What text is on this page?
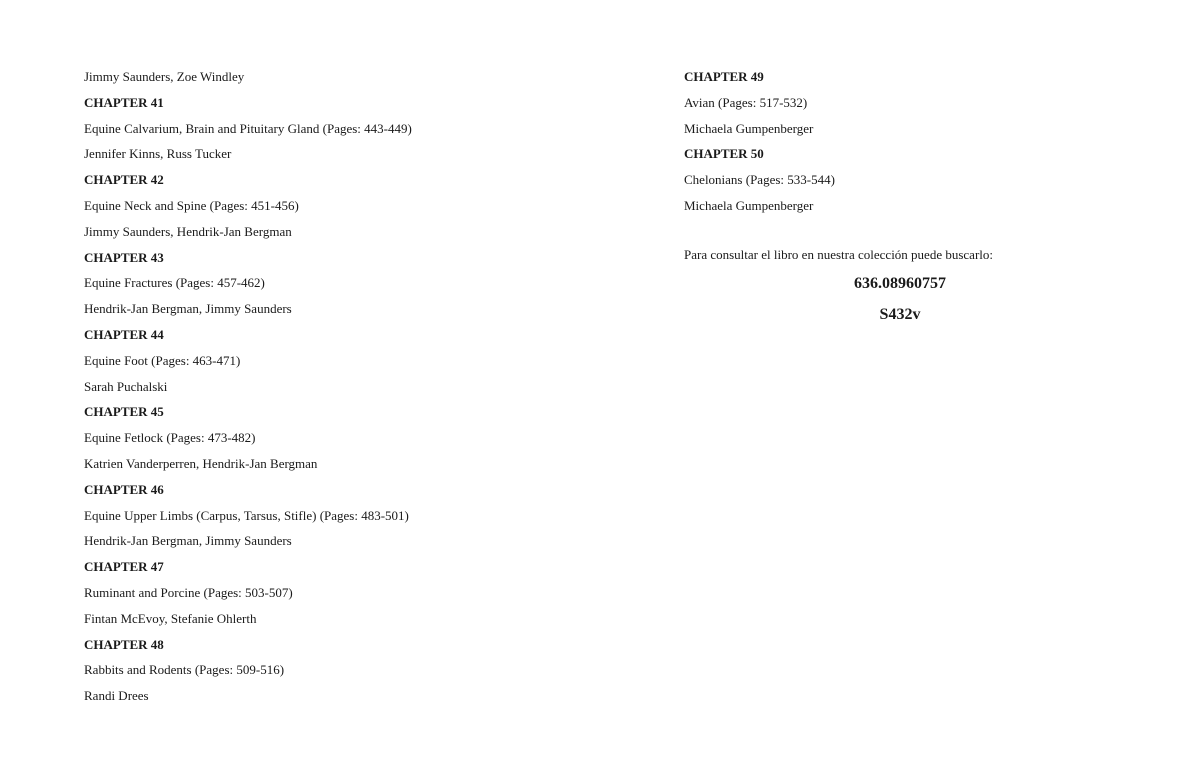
Jimmy Saunders, Zoe Windley
CHAPTER 41
Equine Calvarium, Brain and Pituitary Gland (Pages: 443-449)
Jennifer Kinns, Russ Tucker
CHAPTER 42
Equine Neck and Spine (Pages: 451-456)
Jimmy Saunders, Hendrik-Jan Bergman
CHAPTER 43
Equine Fractures (Pages: 457-462)
Hendrik-Jan Bergman, Jimmy Saunders
CHAPTER 44
Equine Foot (Pages: 463-471)
Sarah Puchalski
CHAPTER 45
Equine Fetlock (Pages: 473-482)
Katrien Vanderperren, Hendrik-Jan Bergman
CHAPTER 46
Equine Upper Limbs (Carpus, Tarsus, Stifle) (Pages: 483-501)
Hendrik-Jan Bergman, Jimmy Saunders
CHAPTER 47
Ruminant and Porcine (Pages: 503-507)
Fintan McEvoy, Stefanie Ohlerth
CHAPTER 48
Rabbits and Rodents (Pages: 509-516)
Randi Drees
CHAPTER 49
Avian (Pages: 517-532)
Michaela Gumpenberger
CHAPTER 50
Chelonians (Pages: 533-544)
Michaela Gumpenberger
Para consultar el libro en nuestra colección puede buscarlo:
636.08960757
S432v
